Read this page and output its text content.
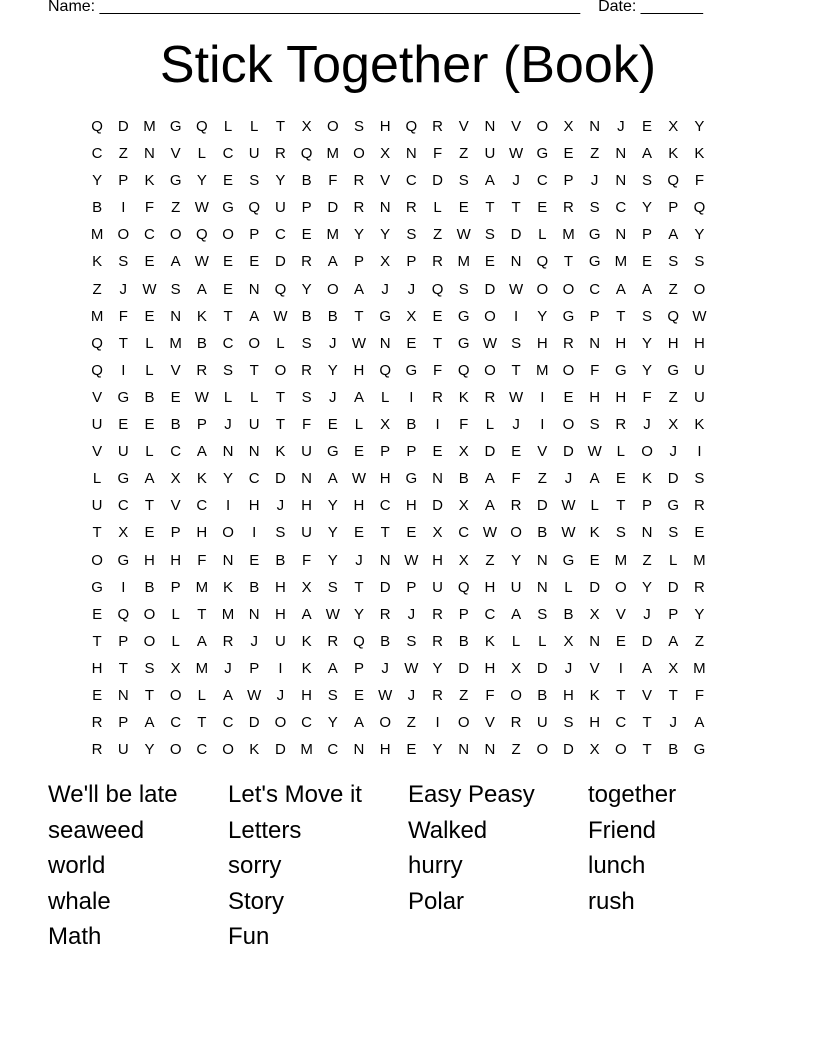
Name: ______________________________________________________ Date: _______
Stick Together (Book)
Q D M G Q	L	L	T	X	O	S	H Q R	V	N	V	O	X	N	J	E	X	Y
C	Z	N	V	L	C	U	R Q M O	X	N	F	Z	U W G	E	Z	N	A	K	K
Y	P	K	G	Y	E	S	Y	B	F	R	V	C	D	S	A	J	C	P	J	N	S	Q	F
B	I	F	Z W G Q U	P	D	R	N	R	L	E	T	T	E	R	S	C	Y	P	Q
M O C O Q O	P	C	E M Y	Y	S	Z W S	D	L	M G N	P	A	Y
K	S	E	A W E	E	D	R	A	P	X	P	R M E	N Q	T	G M E	S	S
Z	J	W S	A	E	N Q	Y	O	A	J	J	Q	S	D W O O C	A	A	Z	O
M	F	E	N	K	T	A W B	B	T	G	X	E	G O	I	Y	G	P	T	S	Q W
Q	T	L	M B	C O	L	S	J	W N	E	T	G W S	H	R	N	H	Y	H	H
Q	I	L	V	R	S	T	O R	Y	H Q G	F	Q O	T	M O	F	G	Y	G U
V	G	B	E W L	L	T	S	J	A	L	I	R	K	R W	I	E	H	H	F	Z	U
U	E	E	B	P	J	U	T	F	E	L	X	B	I	F	L	J	I	O	S	R	J	X	K
V	U	L	C	A	N	N	K	U G	E	P	P	E	X	D	E	V	D W L	O	J	I
L	G	A	X	K	Y	C	D	N	A W H G N	B	A	F	Z	J	A	E	K	D	S
U	C	T	V	C	I	H	J	H	Y	H	C	H	D	X	A	R	D W L	T	P	G R
T	X	E	P	H O	I	S	U	Y	E	T	E	X	C W O	B W K	S	N	S	E
O G H	H	F	N	E	B	F	Y	J	N W H	X	Z	Y	N G	E M	Z	L	M
G	I	B	P M K	B	H	X	S	T	D	P	U Q H	U	N	L	D O	Y	D	R
E	Q O	L	T	M N	H	A W Y	R	J	R	P	C	A	S	B	X	V	J	P	Y
T	P	O	L	A	R	J	U	K	R Q	B	S	R	B	K	L	L	X	N	E	D	A	Z
H	T	S	X M	J	P	I	K	A	P	J	W Y	D	H	X	D	J	V	I	A	X M
E	N	T	O	L	A W	J	H	S	E W	J	R	Z	F	O	B	H	K	T	V	T	F
R	P	A	C	T	C	D O C	Y	A	O	Z	I	O	V	R	U	S	H	C	T	J	A
R	U	Y	O C O	K	D M C	N	H	E	Y	N	N	Z	O D	X	O	T	B	G
We'll be late	Let's Move it	Easy Peasy	together
seaweed	Letters	Walked	Friend
world	sorry	hurry	lunch
whale	Story	Polar	rush
Math	Fun
